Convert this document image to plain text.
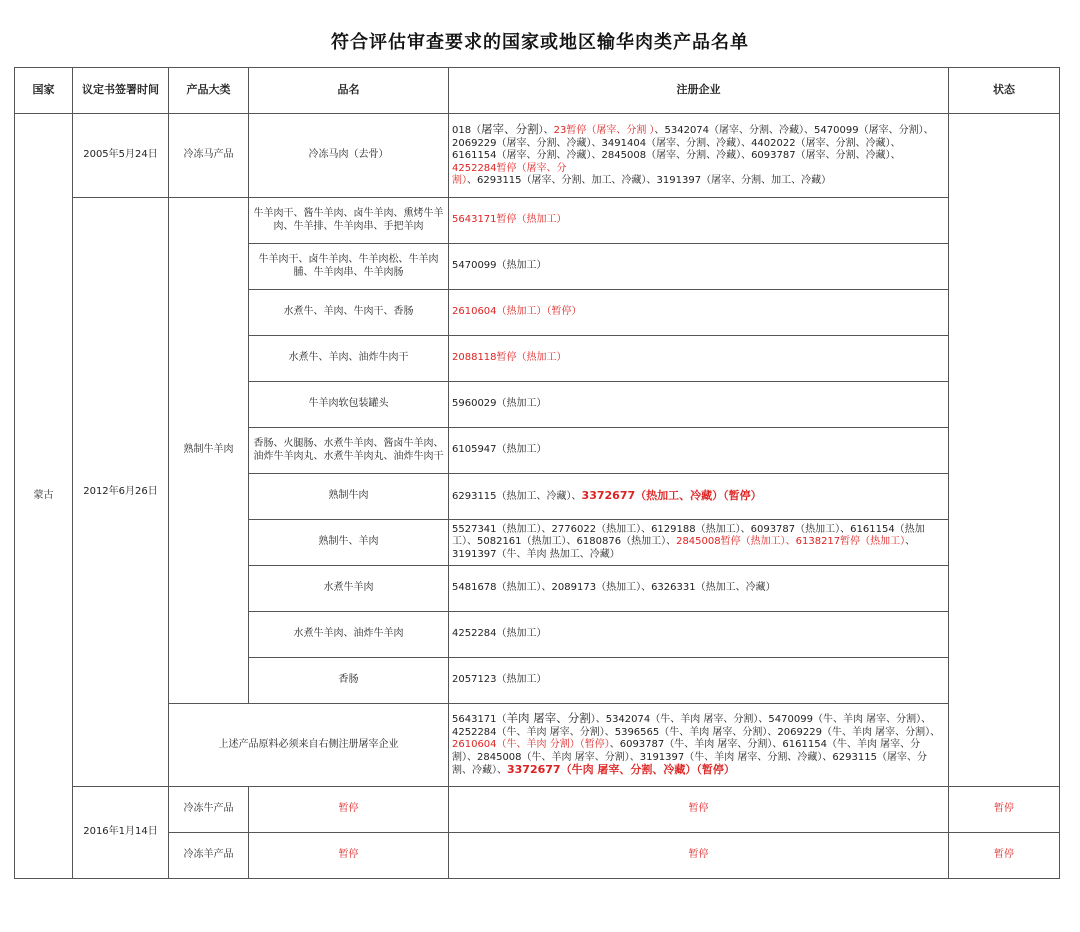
符合评估审查要求的国家或地区输华肉类产品名单
国家	议定书签署时间	产品大类	品名	注册企业	状态
蒙古	2005年5月24日	冷冻马产品	冷冻马肉（去骨）	018（屠宰、分割）、23暂停（屠宰、分割 ）、5342074（屠宰、分割、冷藏）、5470099（屠宰、分割）、2069229（屠宰、分割、冷藏）、3491404（屠宰、分割、冷藏）、4402022（屠宰、分割、冷藏）、6161154（屠宰、分割、冷藏）、2845008（屠宰、分割、冷藏）、6093787（屠宰、分割、冷藏）、4252284暂停（屠宰、分割）、6293115（屠宰、分割、加工、冷藏）、3191397（屠宰、分割、加工、冷藏）	
	2012年6月26日	熟制牛羊肉	牛羊肉干、酱牛羊肉、卤牛羊肉、熏烤牛羊肉、牛羊排、牛羊肉串、手把羊肉	5643171暂停（热加工）	
			牛羊肉干、卤牛羊肉、牛羊肉松、牛羊肉脯、牛羊肉串、牛羊肉肠	5470099（热加工）	
			水煮牛、羊肉、牛肉干、香肠	2610604（热加工）（暂停）	
			水煮牛、羊肉、油炸牛肉干	2088118暂停（热加工）	
			牛羊肉软包装罐头	5960029（热加工）	
			香肠、火腿肠、水煮牛羊肉、酱卤牛羊肉、油炸牛羊肉丸、水煮牛羊肉丸、油炸牛肉干	6105947（热加工）	
			熟制牛肉	6293115（热加工、冷藏）、3372677（热加工、冷藏）（暂停）	
			熟制牛、羊肉	5527341（热加工）、2776022（热加工）、6129188（热加工）、6093787（热加工）、6161154（热加工）、5082161（热加工）、6180876（热加工）、2845008暂停（热加工）、6138217暂停（热加工）、3191397（牛、羊肉 热加工、冷藏）	
			水煮牛羊肉	5481678（热加工）、2089173（热加工）、6326331（热加工、冷藏）	
			水煮牛羊肉、油炸牛羊肉	4252284（热加工）	
			香肠	2057123（热加工）	
		上述产品原料必须来自右侧注册屠宰企业		5643171（羊肉 屠宰、分割）、5342074（牛、羊肉 屠宰、分割）、5470099（牛、羊肉 屠宰、分割）、4252284（牛、羊肉 屠宰、分割）、5396565（牛、羊肉 屠宰、分割）、2069229（牛、羊肉 屠宰、分割）、2610604（牛、羊肉 分割）（暂停）、6093787（牛、羊肉 屠宰、分割）、6161154（牛、羊肉 屠宰、分割）、2845008（牛、羊肉 屠宰、分割）、3191397（牛、羊肉 屠宰、分割、冷藏）、6293115（屠宰、分割、冷藏）、3372677（牛肉 屠宰、分割、冷藏）（暂停）	
	2016年1月14日	冷冻牛产品	暂停	暂停	暂停
		冷冻羊产品	暂停	暂停	暂停
